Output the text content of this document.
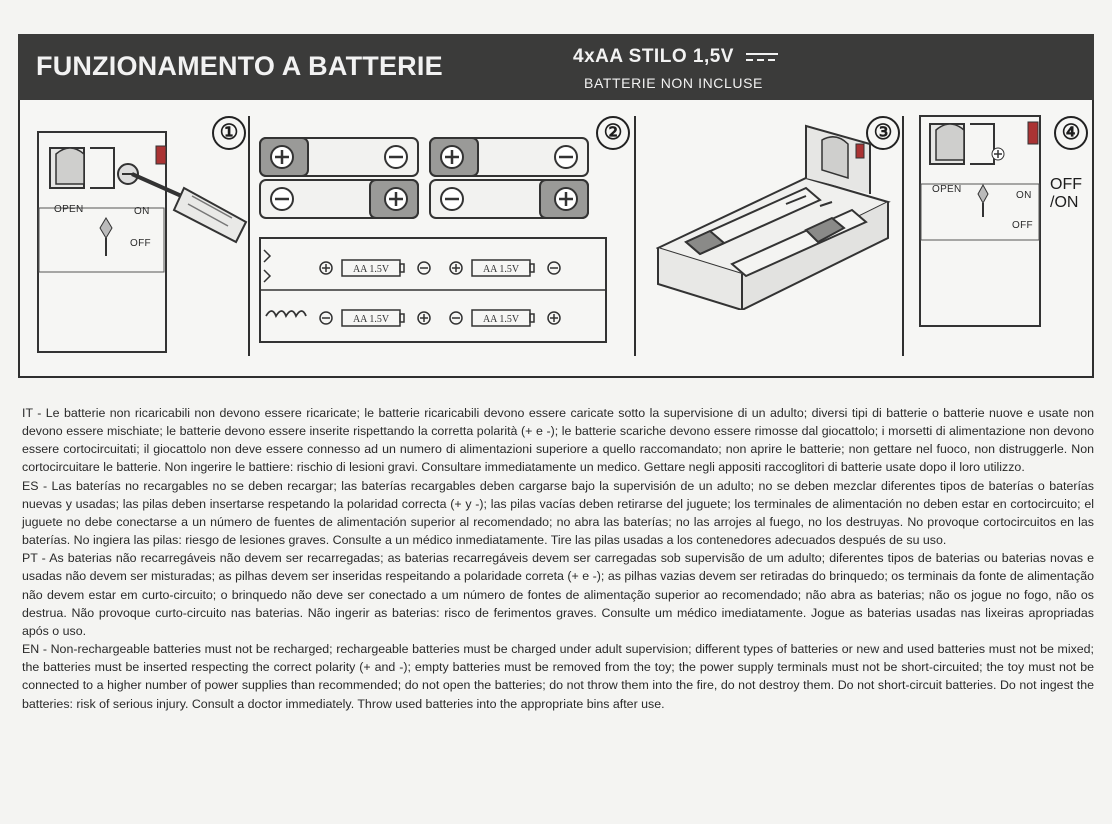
FUNZIONAMENTO A BATTERIE	4xAA STILO 1,5V
BATTERIE NON INCLUSE
①
OPEN	ON
OFF
②
AA 1.5V	AA 1.5V
AA 1.5V	AA 1.5V
③	④
OPEN
ON
OFF
OFF
/ON

IT - Le batterie non ricaricabili non devono essere ricaricate; le batterie ricaricabili devono essere caricate sotto la supervisione di un adulto; diversi tipi di batterie o batterie nuove e usate non devono essere mischiate; le batterie devono essere inserite rispettando la corretta polarità (+ e -); le batterie scariche devono essere rimosse dal giocattolo; i morsetti di alimentazione non devono essere cortocircuitati; il giocattolo non deve essere connesso ad un numero di alimentazioni superiore a quello raccomandato; non aprire le batterie; non gettare nel fuoco, non distruggerle. Non cortocircuitare le batterie. Non ingerire le battiere: rischio di lesioni gravi. Consultare immediatamente un medico. Gettare negli appositi raccoglitori di batterie usate dopo il loro utilizzo.

ES - Las baterías no recargables no se deben recargar; las baterías recargables deben cargarse bajo la supervisión de un adulto; no se deben mezclar diferentes tipos de baterías o baterías nuevas y usadas; las pilas deben insertarse respetando la polaridad correcta (+ y -); las pilas vacías deben retirarse del juguete; los terminales de alimentación no deben estar en cortocircuito; el juguete no debe conectarse a un número de fuentes de alimentación superior al recomendado; no abra las baterías; no las arrojes al fuego, no los destruyas. No provoque cortocircuitos en las baterías. No ingiera las pilas: riesgo de lesiones graves. Consulte a un médico inmediatamente. Tire las pilas usadas a los contenedores adecuados después de su uso.

PT - As baterias não recarregáveis não devem ser recarregadas; as baterias recarregáveis devem ser carregadas sob supervisão de um adulto; diferentes tipos de baterias ou baterias novas e usadas não devem ser misturadas; as pilhas devem ser inseridas respeitando a polaridade correta (+ e -); as pilhas vazias devem ser retiradas do brinquedo; os terminais da fonte de alimentação não devem estar em curto-circuito; o brinquedo não deve ser conectado a um número de fontes de alimentação superior ao recomendado; não abra as baterias; não os jogue no fogo, não os destrua. Não provoque curto-circuito nas baterias. Não ingerir as baterias: risco de ferimentos graves. Consulte um médico imediatamente. Jogue as baterias usadas nas lixeiras apropriadas após o uso.

EN - Non-rechargeable batteries must not be recharged; rechargeable batteries must be charged under adult supervision; different types of batteries or new and used batteries must not be mixed; the batteries must be inserted respecting the correct polarity (+ and -); empty batteries must be removed from the toy; the power supply terminals must not be short-circuited; the toy must not be connected to a higher number of power supplies than recommended; do not open the batteries; do not throw them into the fire, do not destroy them. Do not short-circuit batteries. Do not ingest the batteries: risk of serious injury. Consult a doctor immediately. Throw used batteries into the appropriate bins after use.
